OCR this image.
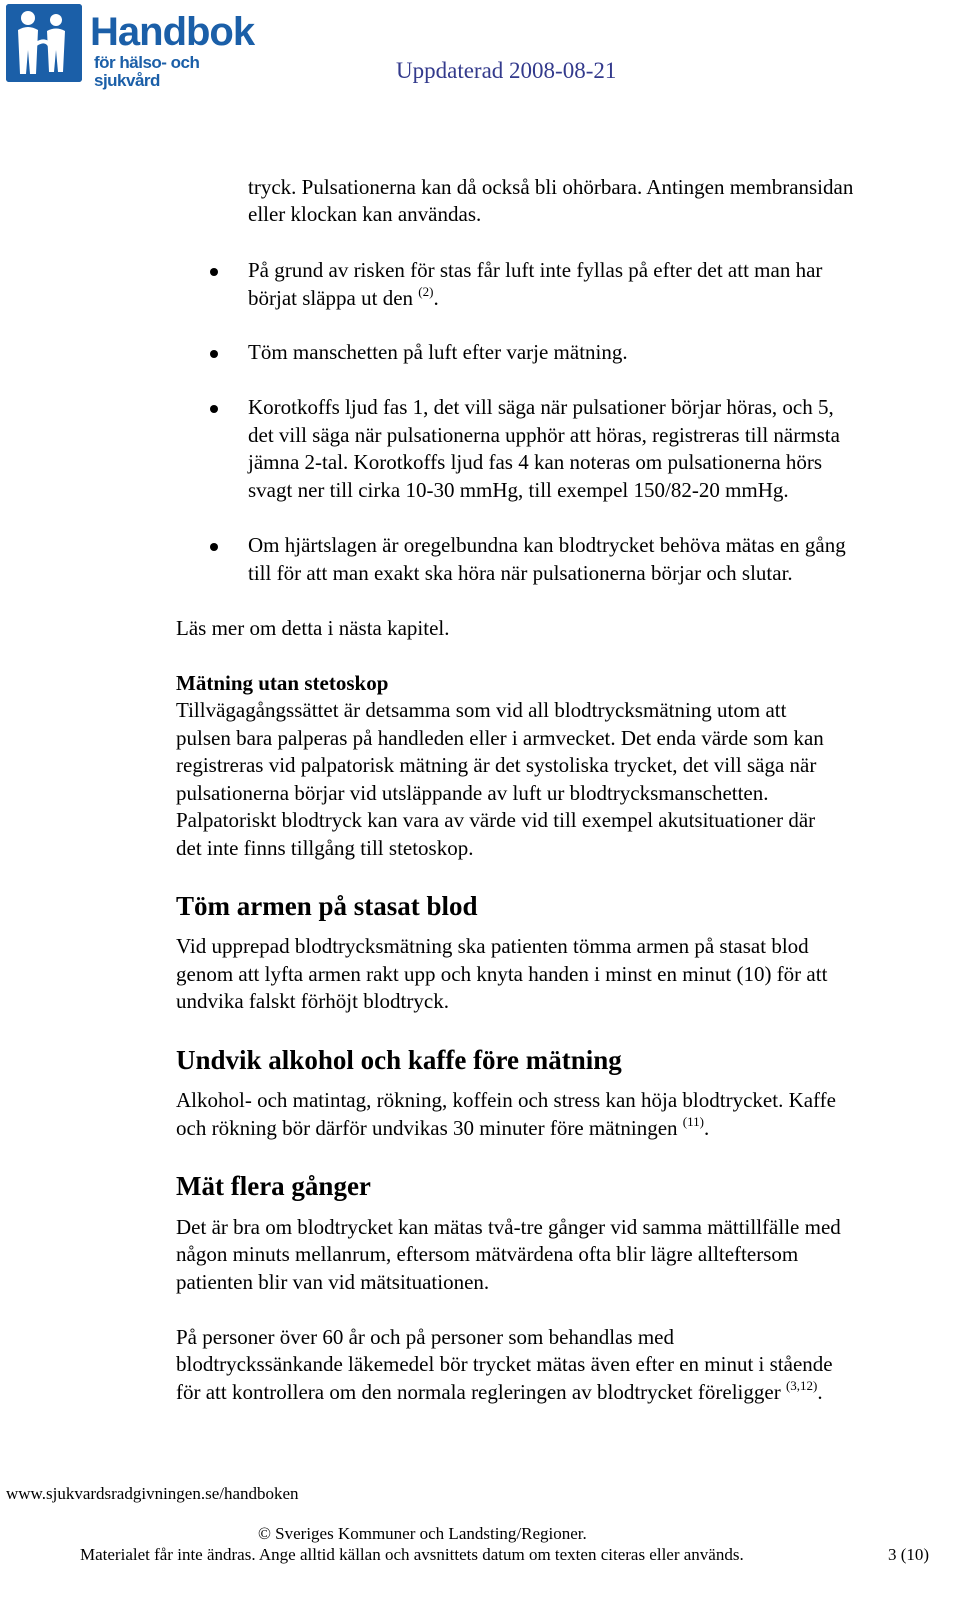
Handbok
för hälso- och sjukvård	Uppdaterad 2008-08-21

tryck. Pulsationerna kan då också bli ohörbara. Antingen membransidan

eller klockan kan användas.

På grund av risken för stas får luft inte fyllas på efter det att man har

börjat släppa ut den $^{(2)}$.

Töm manschetten på luft efter varje mätning.

Korotkoffs ljud fas 1, det vill säga när pulsationer börjar höras, och 5,

det vill säga när pulsationerna upphör att höras, registreras till närmsta

jämna 2-tal. Korotkoffs ljud fas 4 kan noteras om pulsationerna hörs

svagt ner till cirka 10-30 mmHg, till exempel 150/82-20 mmHg.

Om hjärtslagen är oregelbundna kan blodtrycket behöva mätas en gång

till för att man exakt ska höra när pulsationerna börjar och slutar.

Läs mer om detta i nästa kapitel.

Mätning utan stetoskop

Tillvägagångssättet är detsamma som vid all blodtrycksmätning utom att

pulsen bara palperas på handleden eller i armvecket. Det enda värde som kan

registreras vid palpatorisk mätning är det systoliska trycket, det vill säga när

pulsationerna börjar vid utsläppande av luft ur blodtrycksmanschetten.

Palpatoriskt blodtryck kan vara av värde vid till exempel akutsituationer där

det inte finns tillgång till stetoskop.

Töm armen på stasat blod

Vid upprepad blodtrycksmätning ska patienten tömma armen på stasat blod

genom att lyfta armen rakt upp och knyta handen i minst en minut (10) för att

undvika falskt förhöjt blodtryck.

Undvik alkohol och kaffe före mätning

Alkohol- och matintag, rökning, koffein och stress kan höja blodtrycket. Kaffe

och rökning bör därför undvikas 30 minuter före mätningen $^{(11)}$.

Mät flera gånger

Det är bra om blodtrycket kan mätas två-tre gånger vid samma mättillfälle med

någon minuts mellanrum, eftersom mätvärdena ofta blir lägre allteftersom

patienten blir van vid mätsituationen.

På personer över 60 år och på personer som behandlas med

blodtryckssänkande läkemedel bör trycket mätas även efter en minut i stående

för att kontrollera om den normala regleringen av blodtrycket föreligger $^{(3,12)}$.

www.sjukvardsradgivningen.se/handboken
© Sveriges Kommuner och Landsting/Regioner.
Materialet får inte ändras. Ange alltid källan och avsnittets datum om texten citeras eller används.	3 (10)
